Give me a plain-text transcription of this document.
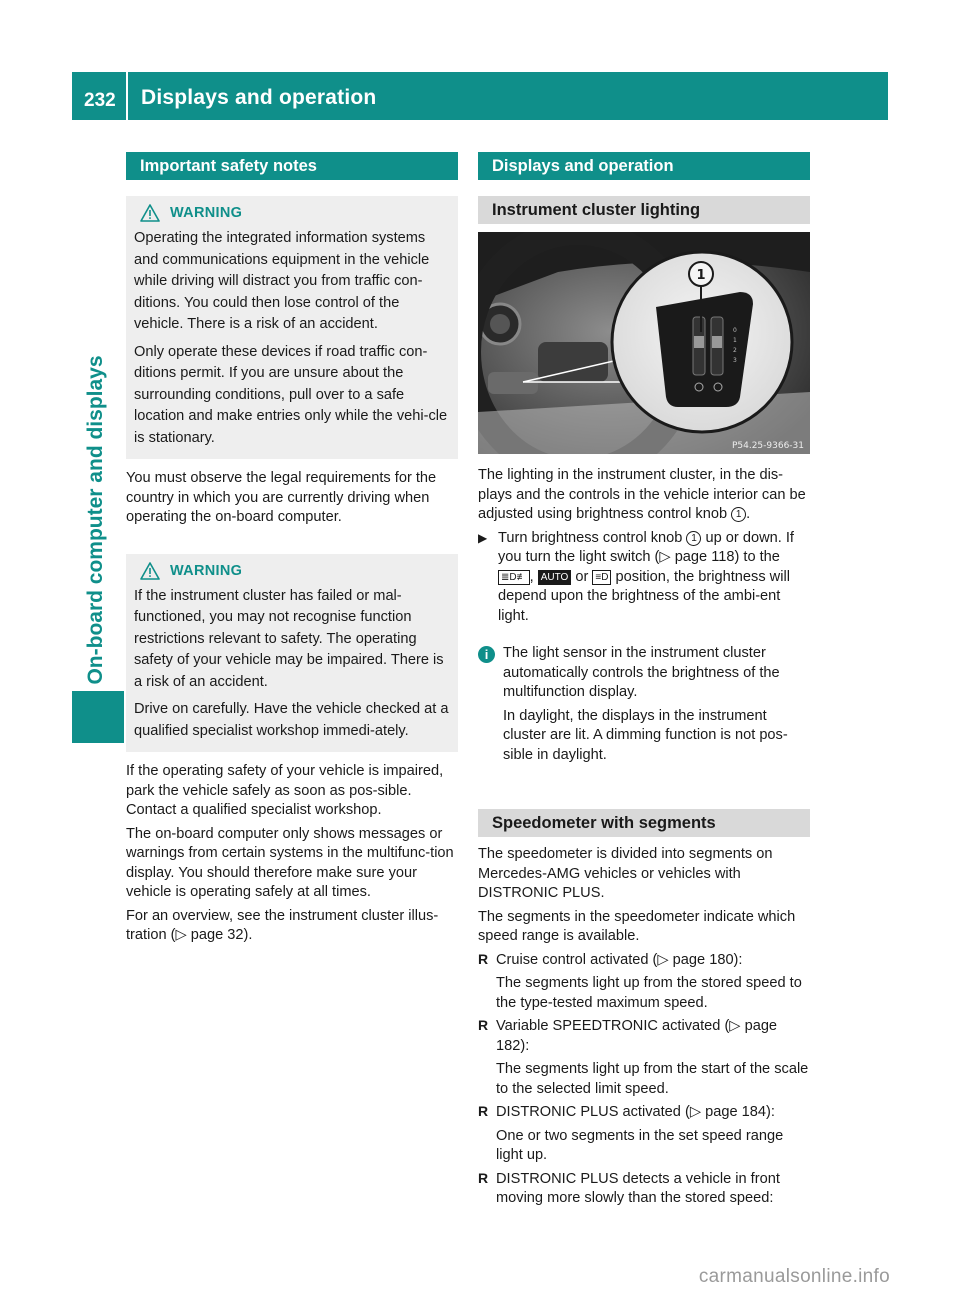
232 Displays and operation
On-board computer and displays
Important safety notes
WARNING

Operating the integrated information systems and communications equipment in the vehicle while driving will distract you from traffic con-ditions. You could then lose control of the vehicle. There is a risk of an accident.

Only operate these devices if road traffic con-ditions permit. If you are unsure about the surrounding conditions, pull over to a safe location and make entries only while the vehi-cle is stationary.

You must observe the legal requirements for the country in which you are currently driving when operating the on-board computer.

WARNING

If the instrument cluster has failed or mal-functioned, you may not recognise function restrictions relevant to safety. The operating safety of your vehicle may be impaired. There is a risk of an accident.

Drive on carefully. Have the vehicle checked at a qualified specialist workshop immedi-ately.

If the operating safety of your vehicle is impaired, park the vehicle safely as soon as pos-sible. Contact a qualified specialist workshop.

The on-board computer only shows messages or warnings from certain systems in the multifunc-tion display. You should therefore make sure your vehicle is operating safely at all times.

For an overview, see the instrument cluster illus-tration (▷ page 32).

Displays and operation
Instrument cluster lighting
0
1
2
3
1
P54.25-9366-31

The lighting in the instrument cluster, in the dis-plays and the controls in the vehicle interior can be adjusted using brightness control knob 1 .

▶ Turn brightness control knob 1 up or down. If you turn the light switch (▷ page 118) to the ≣D≢ , AUTO or ≡D position, the brightness will depend upon the brightness of the ambi-ent light.

i	The light sensor in the instrument cluster automatically controls the brightness of the multifunction display.

In daylight, the displays in the instrument cluster are lit. A dimming function is not pos-sible in daylight.

Speedometer with segments

The speedometer is divided into segments on Mercedes-AMG vehicles or vehicles with DISTRONIC PLUS.

The segments in the speedometer indicate which speed range is available.

R Cruise control activated (▷ page 180):

The segments light up from the stored speed to the type-tested maximum speed.

R Variable SPEEDTRONIC activated (▷ page 182):

The segments light up from the start of the scale to the selected limit speed.

R DISTRONIC PLUS activated (▷ page 184):

One or two segments in the set speed range light up.

R DISTRONIC PLUS detects a vehicle in front moving more slowly than the stored speed:

carmanualsonline.info
